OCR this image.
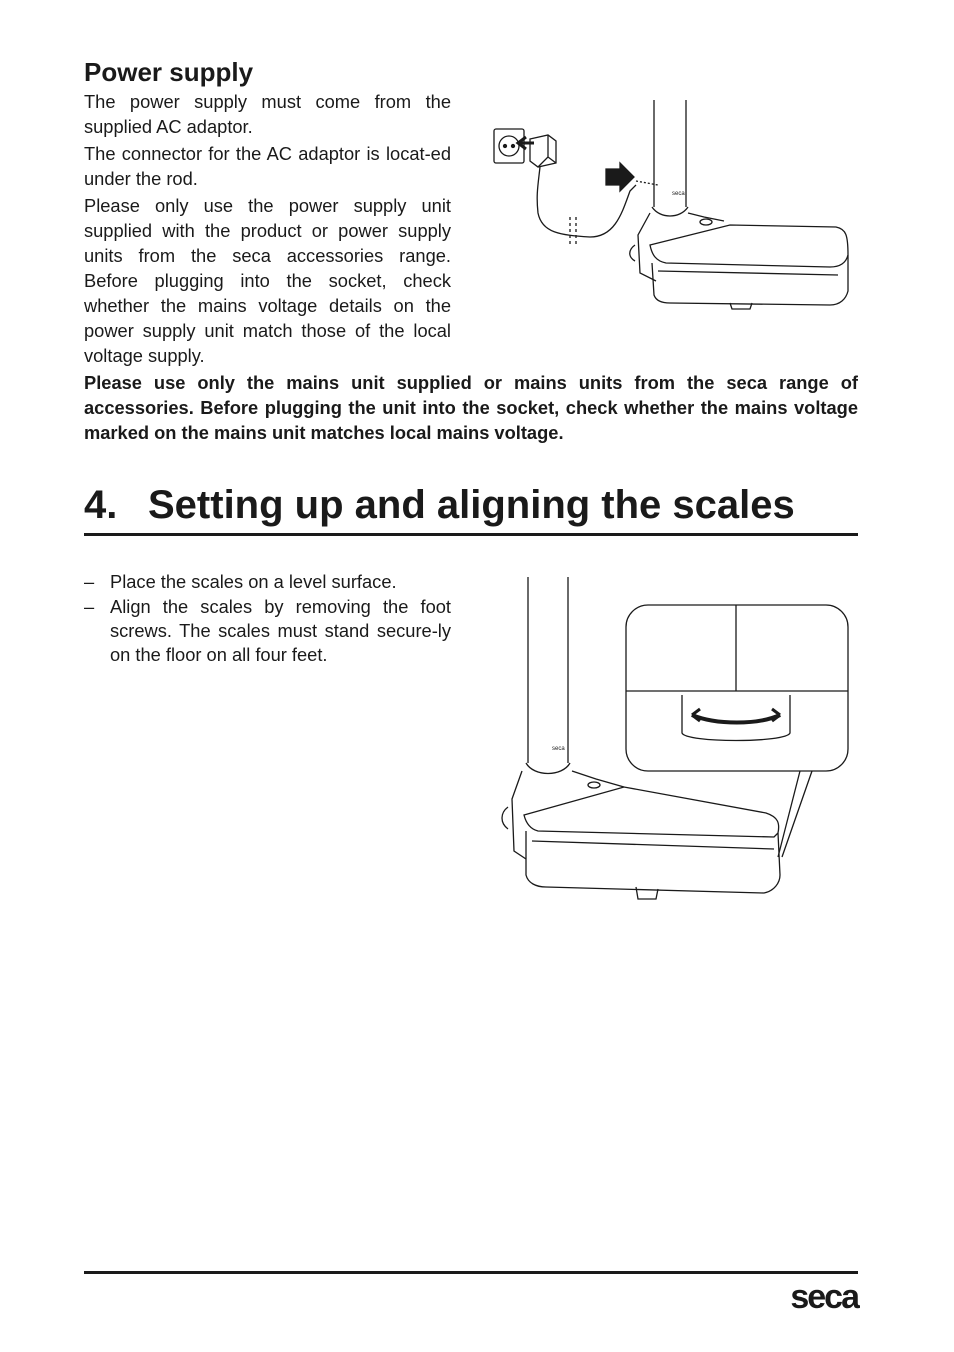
Power supply

The power supply must come from the supplied AC adaptor.

The connector for the AC adaptor is locat-ed under the rod.

Please only use the power supply unit supplied with the product or power supply units from the seca accessories range. Before plugging into the socket, check whether the mains voltage details on the power supply unit match those of the local voltage supply.

seca

Please use only the mains unit supplied or mains units from the seca range of accessories. Before plugging the unit into the socket, check whether the mains voltage marked on the mains unit matches local mains voltage.

4. Setting up and aligning the scales
– Place the scales on a level surface.
– Align the scales by removing the foot screws. The scales must stand secure-ly on the floor on all four feet.
seca
seca
